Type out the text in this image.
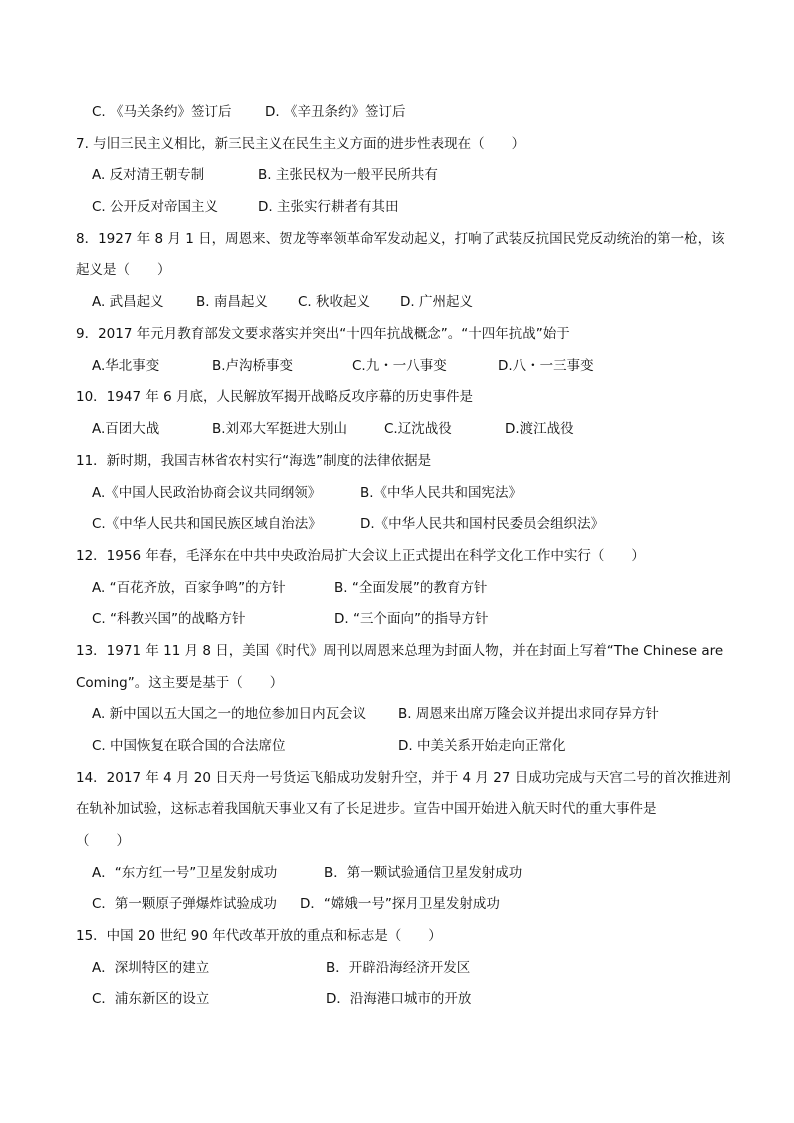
C. 《马关条约》签订后 D. 《辛丑条约》签订后
7. 与旧三民主义相比，新三民主义在民生主义方面的进步性表现在（　　）
A. 反对清王朝专制	B. 主张民权为一般平民所共有
C. 公开反对帝国主义	D. 主张实行耕者有其田
8．1927 年 8 月 1 日，周恩来、贺龙等率领革命军发动起义，打响了武装反抗国民党反动统治的第一枪，该
起义是（　　）
A. 武昌起义 B. 南昌起义 C. 秋收起义 D. 广州起义
9．2017 年元月教育部发文要求落实并突出“十四年抗战概念”。“十四年抗战”始于
A.华北事变	B.卢沟桥事变	C.九・一八事变	D.八・一三事变
10．1947 年 6 月底，人民解放军揭开战略反攻序幕的历史事件是
A.百团大战	B.刘邓大军挺进大别山	C.辽沈战役	D.渡江战役
11．新时期，我国吉林省农村实行“海选”制度的法律依据是
A.《中国人民政治协商会议共同纲领》	B.《中华人民共和国宪法》
C.《中华人民共和国民族区域自治法》	D.《中华人民共和国村民委员会组织法》
12．1956 年春，毛泽东在中共中央政治局扩大会议上正式提出在科学文化工作中实行（　　）
A. “百花齐放，百家争鸣”的方针	B. “全面发展”的教育方针
C. “科教兴国”的战略方针	D. “三个面向”的指导方针
13．1971 年 11 月 8 日，美国《时代》周刊以周恩来总理为封面人物，并在封面上写着“The Chinese are
Coming”。这主要是基于（　　）
A. 新中国以五大国之一的地位参加日内瓦会议 B. 周恩来出席万隆会议并提出求同存异方针
C. 中国恢复在联合国的合法席位	D. 中美关系开始走向正常化
14．2017 年 4 月 20 日天舟一号货运飞船成功发射升空，并于 4 月 27 日成功完成与天宫二号的首次推进剂
在轨补加试验，这标志着我国航天事业又有了长足进步。宣告中国开始进入航天时代的重大事件是
（　　）
A．“东方红一号”卫星发射成功	B．第一颗试验通信卫星发射成功
C．第一颗原子弹爆炸试验成功 D．“嫦娥一号”探月卫星发射成功
15．中国 20 世纪 90 年代改革开放的重点和标志是（　　）
A．深圳特区的建立	B．开辟沿海经济开发区
C．浦东新区的设立	D．沿海港口城市的开放
